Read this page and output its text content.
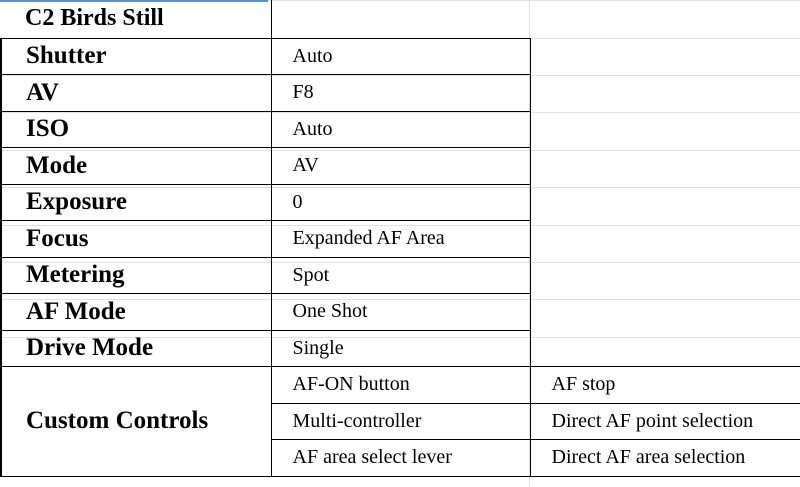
C2 Birds Still		
Shutter	Auto	
AV	F8	
ISO	Auto	
Mode	AV	
Exposure	0	
Focus	Expanded AF Area	
Metering	Spot	
AF Mode	One Shot	
Drive Mode	Single	
Custom Controls	AF-ON button	AF stop
	Multi-controller	Direct AF point selection
	AF area select lever	Direct AF area selection
